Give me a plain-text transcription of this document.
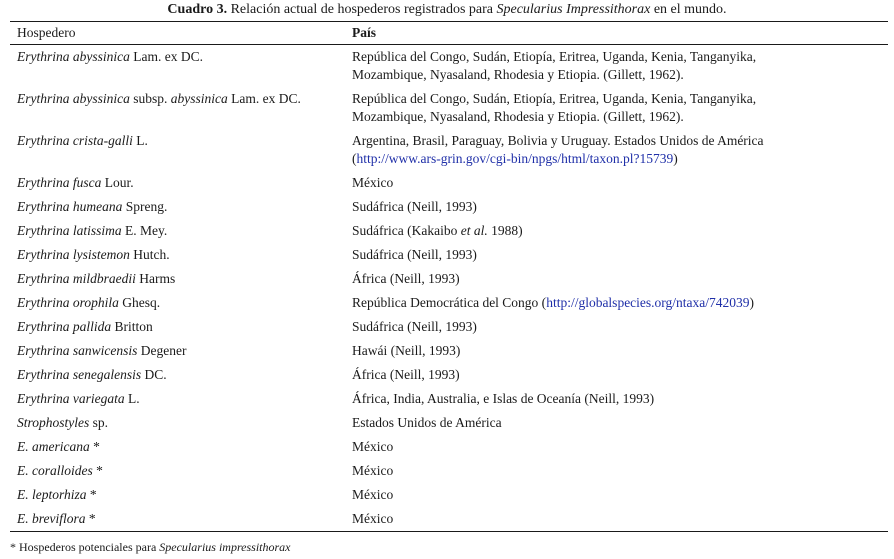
Cuadro 3. Relación actual de hospederos registrados para Specularius Impressithorax en el mundo.
Hospedero	País
Erythrina abyssinica Lam. ex DC.	República del Congo, Sudán, Etiopía, Eritrea, Uganda, Kenia, Tanganyika,
Mozambique, Nyasaland, Rhodesia y Etiopia. (Gillett, 1962).
Erythrina abyssinica subsp. abyssinica Lam. ex DC.	República del Congo, Sudán, Etiopía, Eritrea, Uganda, Kenia, Tanganyika,
Mozambique, Nyasaland, Rhodesia y Etiopia. (Gillett, 1962).
Erythrina crista-galli L.	Argentina, Brasil, Paraguay, Bolivia y Uruguay. Estados Unidos de América
(http://www.ars-grin.gov/cgi-bin/npgs/html/taxon.pl?15739)
Erythrina fusca Lour.	México
Erythrina humeana Spreng.	Sudáfrica (Neill, 1993)
Erythrina latissima E. Mey.	Sudáfrica (Kakaibo et al. 1988)
Erythrina lysistemon Hutch.	Sudáfrica (Neill, 1993)
Erythrina mildbraedii Harms	África (Neill, 1993)
Erythrina orophila Ghesq.	República Democrática del Congo (http://globalspecies.org/ntaxa/742039)
Erythrina pallida Britton	Sudáfrica (Neill, 1993)
Erythrina sanwicensis Degener	Hawái (Neill, 1993)
Erythrina senegalensis DC.	África (Neill, 1993)
Erythrina variegata L.	África, India, Australia, e Islas de Oceanía (Neill, 1993)
Strophostyles sp.	Estados Unidos de América
E. americana *	México
E. coralloides *	México
E. leptorhiza *	México
E. breviflora *	México
* Hospederos potenciales para Specularius impressithorax
